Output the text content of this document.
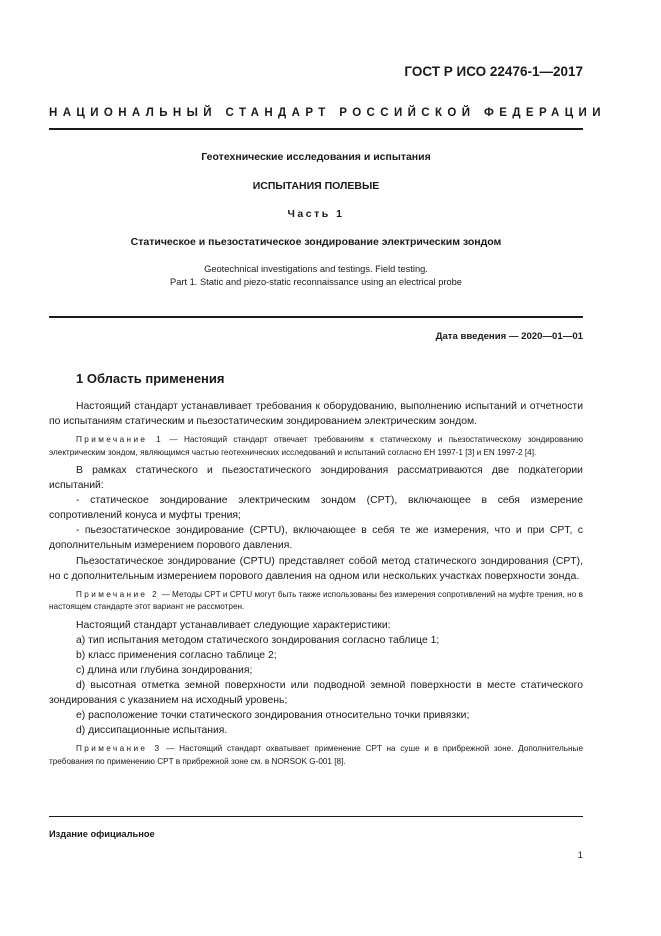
ГОСТ Р ИСО 22476-1—2017
НАЦИОНАЛЬНЫЙ СТАНДАРТ РОССИЙСКОЙ ФЕДЕРАЦИИ
Геотехнические исследования и испытания
ИСПЫТАНИЯ ПОЛЕВЫЕ
Часть 1
Статическое и пьезостатическое зондирование электрическим зондом
Geotechnical investigations and testings. Field testing.
Part 1. Static and piezo-static reconnaissance using an electrical probe
Дата введения — 2020—01—01
1 Область применения

Настоящий стандарт устанавливает требования к оборудованию, выполнению испытаний и отчетности по испытаниям статическим и пьезостатическим зондированием электрическим зондом.

Примечание 1 — Настоящий стандарт отвечает требованиям к статическому и пьезостатическому зондированию электрическим зондом, являющимся частью геотехнических исследований и испытаний согласно ЕН 1997-1 [3] и EN 1997-2 [4].

В рамках статического и пьезостатического зондирования рассматриваются две подкатегории испытаний:

- статическое зондирование электрическим зондом (CPT), включающее в себя измерение сопротивлений конуса и муфты трения;

- пьезостатическое зондирование (CPTU), включающее в себя те же измерения, что и при CPT, с дополнительным измерением порового давления.

Пьезостатическое зондирование (CPTU) представляет собой метод статического зондирования (CPT), но с дополнительным измерением порового давления на одном или нескольких участках поверхности зонда.

Примечание 2 — Методы CPT и CPTU могут быть также использованы без измерения сопротивлений на муфте трения, но в настоящем стандарте этот вариант не рассмотрен.

Настоящий стандарт устанавливает следующие характеристики:

a) тип испытания методом статического зондирования согласно таблице 1;

b) класс применения согласно таблице 2;

c) длина или глубина зондирования;

d) высотная отметка земной поверхности или подводной земной поверхности в месте статического зондирования с указанием на исходный уровень;

e) расположение точки статического зондирования относительно точки привязки;

d) диссипационные испытания.

Примечание 3 — Настоящий стандарт охватывает применение CPT на суше и в прибрежной зоне. Дополнительные требования по применению CPT в прибрежной зоне см. в NORSOK G-001 [8].

Издание официальное
1
